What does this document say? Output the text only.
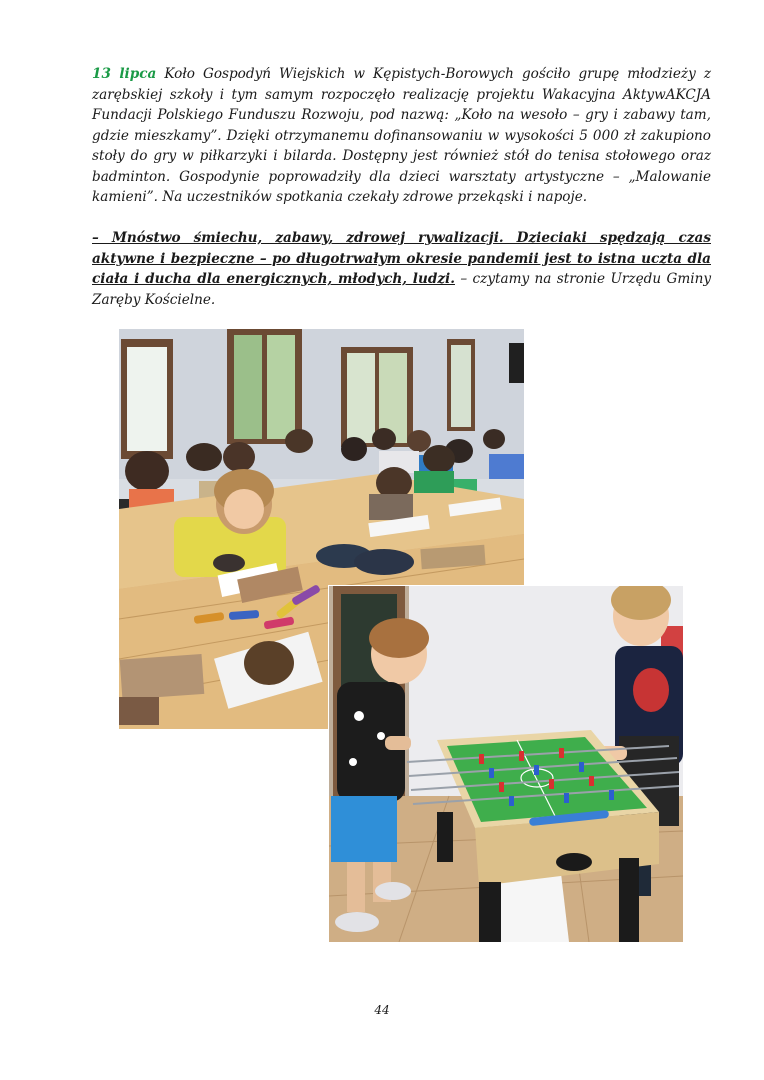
13 lipca Koło Gospodyń Wiejskich w Kępistych-Borowych gościło grupę młodzieży z zarębskiej szkoły i tym samym rozpoczęło realizację projektu Wakacyjna AktywAKCJA Fundacji Polskiego Funduszu Rozwoju, pod nazwą: „Koło na wesoło – gry i zabawy tam, gdzie mieszkamy”. Dzięki otrzymanemu dofinansowaniu w wysokości 5 000 zł zakupiono stoły do gry w piłkarzyki i bilarda. Dostępny jest również stół do tenisa stołowego oraz badminton. Gospodynie poprowadziły dla dzieci warsztaty artystyczne – „Malowanie kamieni”. Na uczestników spotkania czekały zdrowe przekąski i napoje.

– Mnóstwo śmiechu, zabawy, zdrowej rywalizacji. Dzieciaki spędzają czas aktywne i bezpieczne – po długotrwałym okresie pandemii jest to istna uczta dla ciała i ducha dla energicznych, młodych, ludzi. – czytamy na stronie Urzędu Gminy Zaręby Kościelne.

44
